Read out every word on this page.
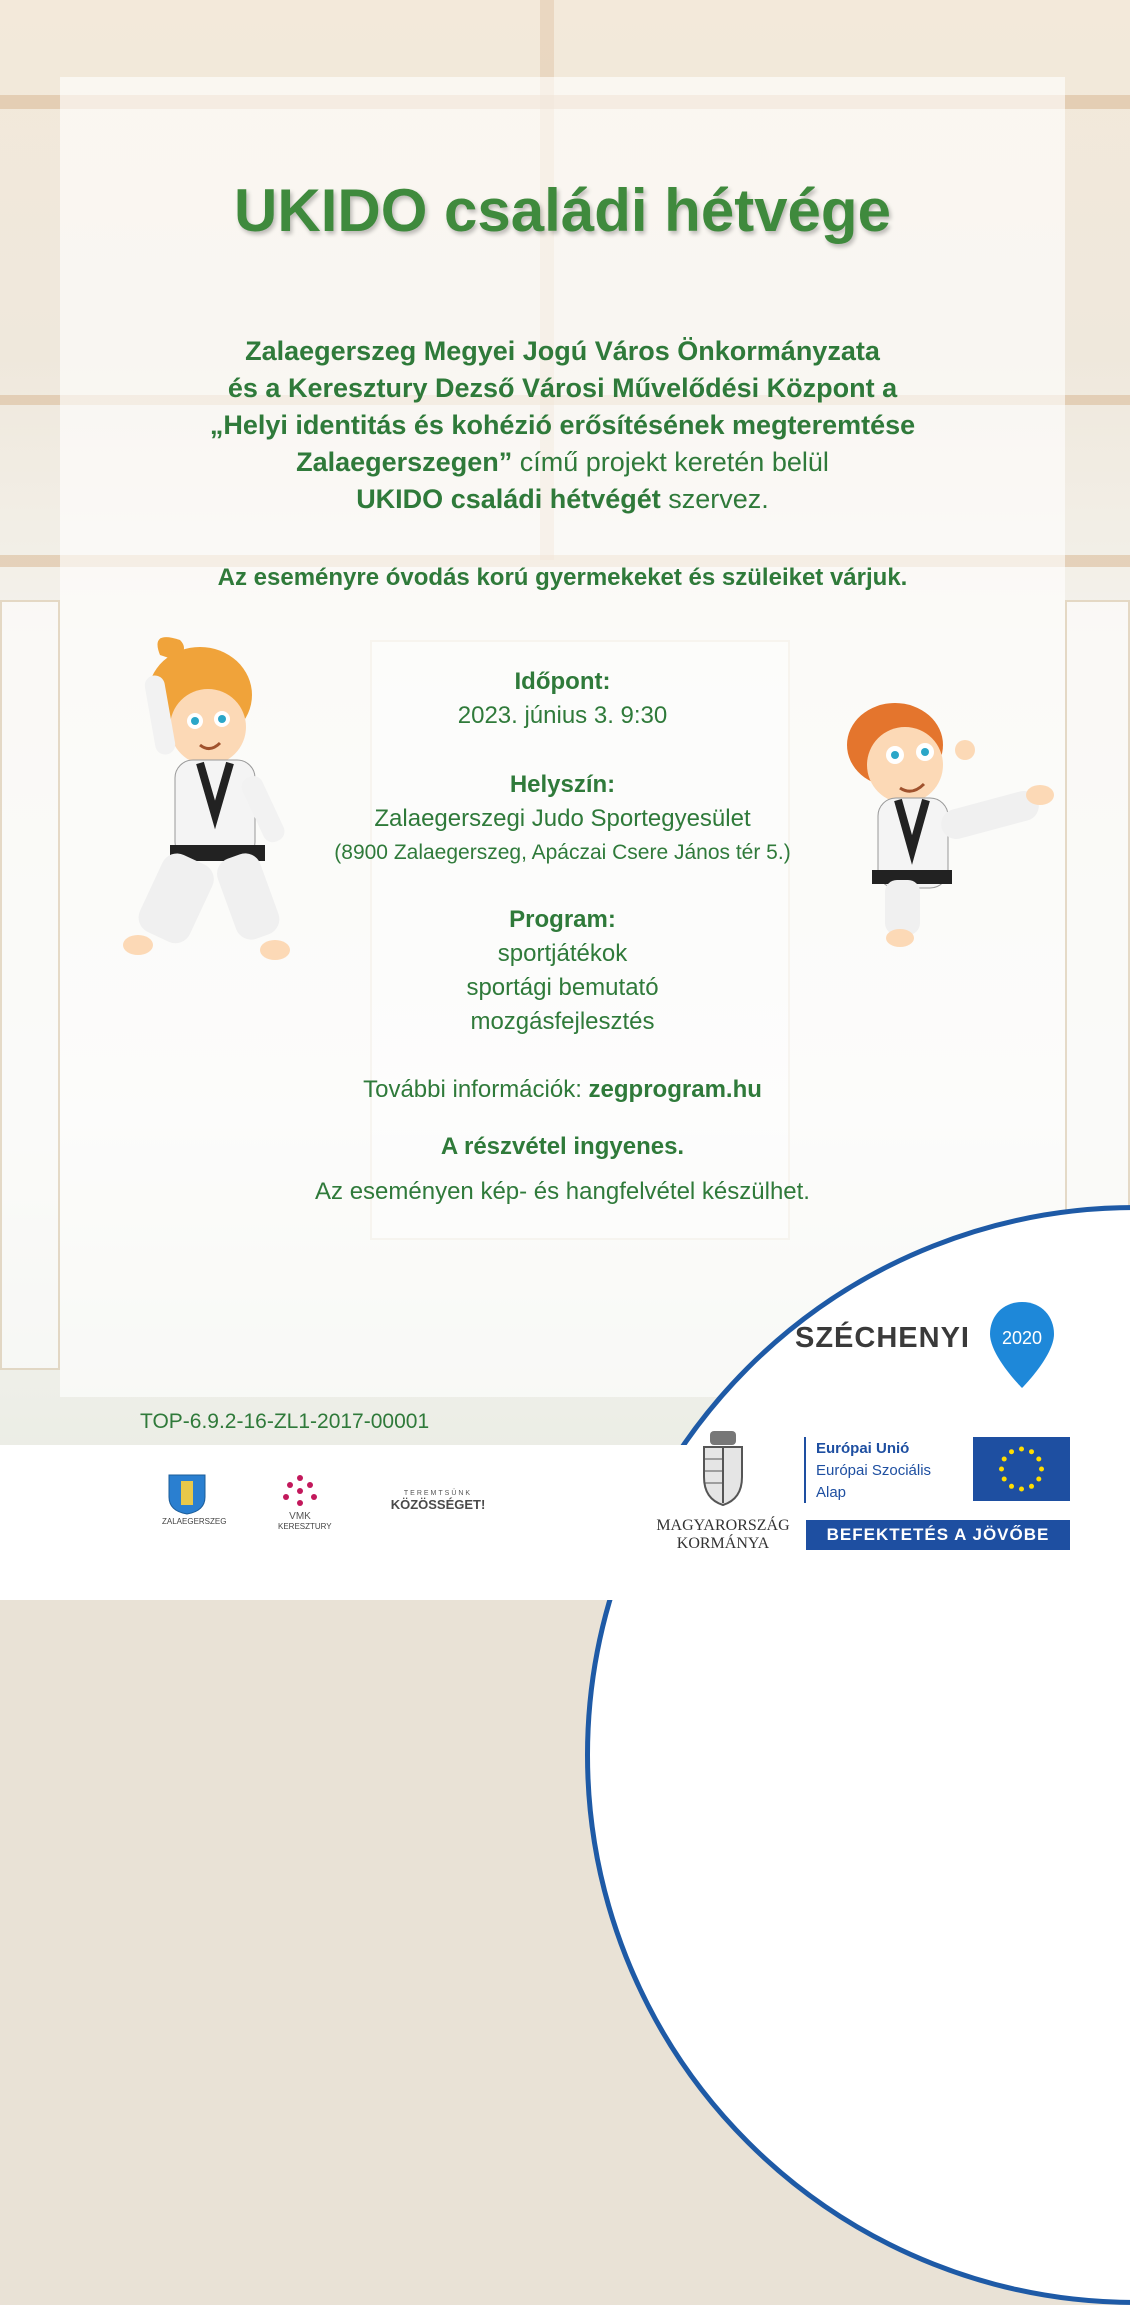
UKIDO családi hétvége
Zalaegerszeg Megyei Jogú Város Önkormányzata
és a Keresztury Dezső Városi Művelődési Központ a
„Helyi identitás és kohézió erősítésének megteremtése
Zalaegerszegen” című projekt keretén belül
UKIDO családi hétvégét szervez.
Az eseményre óvodás korú gyermekeket és szüleiket várjuk.
Időpont:
2023. június 3. 9:30
Helyszín:
Zalaegerszegi Judo Sportegyesület
(8900 Zalaegerszeg, Apáczai Csere János tér 5.)
Program:
sportjátékok
sportági bemutató
mozgásfejlesztés
További információk: zegprogram.hu
A részvétel ingyenes.
Az eseményen kép- és hangfelvétel készülhet.
TOP-6.9.2-16-ZL1-2017-00001
SZÉCHENYI	2020
ZALAEGERSZEG	VMK
KERESZTURY
TEREMTSÜNK
KÖZÖSSÉGET!
MAGYARORSZÁG
KORMÁNYA
Európai Unió
Európai Szociális
Alap
BEFEKTETÉS A JÖVŐBE
